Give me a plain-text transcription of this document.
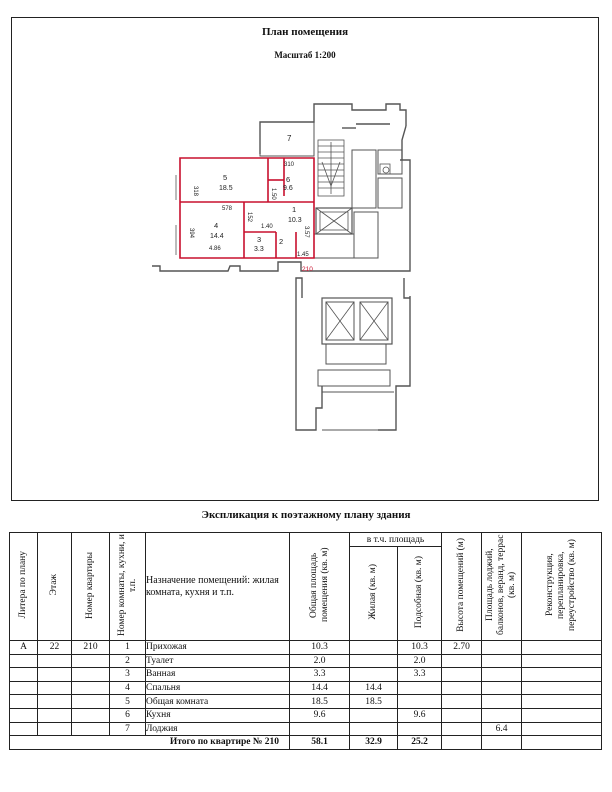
План помещения
Масштаб 1:200
7
310
5
18.5
6
9.6
318
578
1.50
1
10.3
4
14.4
394
4.86
152
1.40
3
3.3
2
3.57
1.45
210
Экспликация к поэтажному плану здания
Литера по плану	Этаж	Номер квартиры	Номер комнаты, кухни, и т.п.	Назначение помещений: жилая комната, кухня и т.п.	Общая площадь помещения (кв. м)	в т.ч. площадь		Высота помещений (м)	Площадь лоджий, балконов, веранд, террас (кв. м)	Реконструкция, перепланировка, переустройство (кв. м)
						Жилая (кв. м)	Подсобная (кв. м)			
А	22	210	1	Прихожая	10.3		10.3	2.70		
			2	Туалет	2.0		2.0			
			3	Ванная	3.3		3.3			
			4	Спальня	14.4	14.4				
			5	Общая комната	18.5	18.5				
			6	Кухня	9.6		9.6			
			7	Лоджия					6.4	
Итого по квартире № 210					58.1	32.9	25.2			
